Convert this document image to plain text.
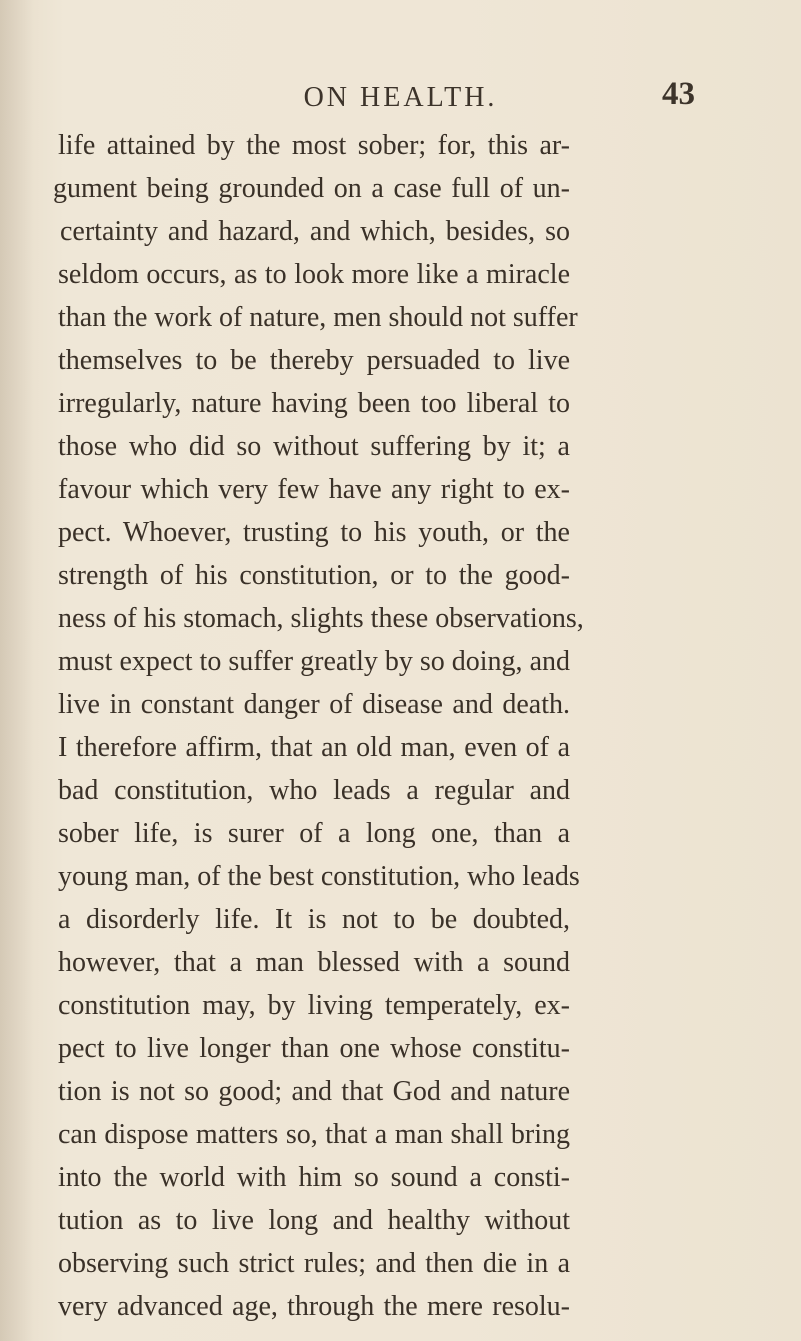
ON HEALTH.	43
life attained by the most sober; for, this ar-
gument being grounded on a case full of un-
certainty and hazard, and which, besides, so
seldom occurs, as to look more like a miracle
than the work of nature, men should not suffer
themselves to be thereby persuaded to live
irregularly, nature having been too liberal to
those who did so without suffering by it; a
favour which very few have any right to ex-
pect. Whoever, trusting to his youth, or the
strength of his constitution, or to the good-
ness of his stomach, slights these observations,
must expect to suffer greatly by so doing, and
live in constant danger of disease and death.
I therefore affirm, that an old man, even of a
bad constitution, who leads a regular and
sober life, is surer of a long one, than a
young man, of the best constitution, who leads
a disorderly life. It is not to be doubted,
however, that a man blessed with a sound
constitution may, by living temperately, ex-
pect to live longer than one whose constitu-
tion is not so good; and that God and nature
can dispose matters so, that a man shall bring
into the world with him so sound a consti-
tution as to live long and healthy without
observing such strict rules; and then die in a
very advanced age, through the mere resolu-
